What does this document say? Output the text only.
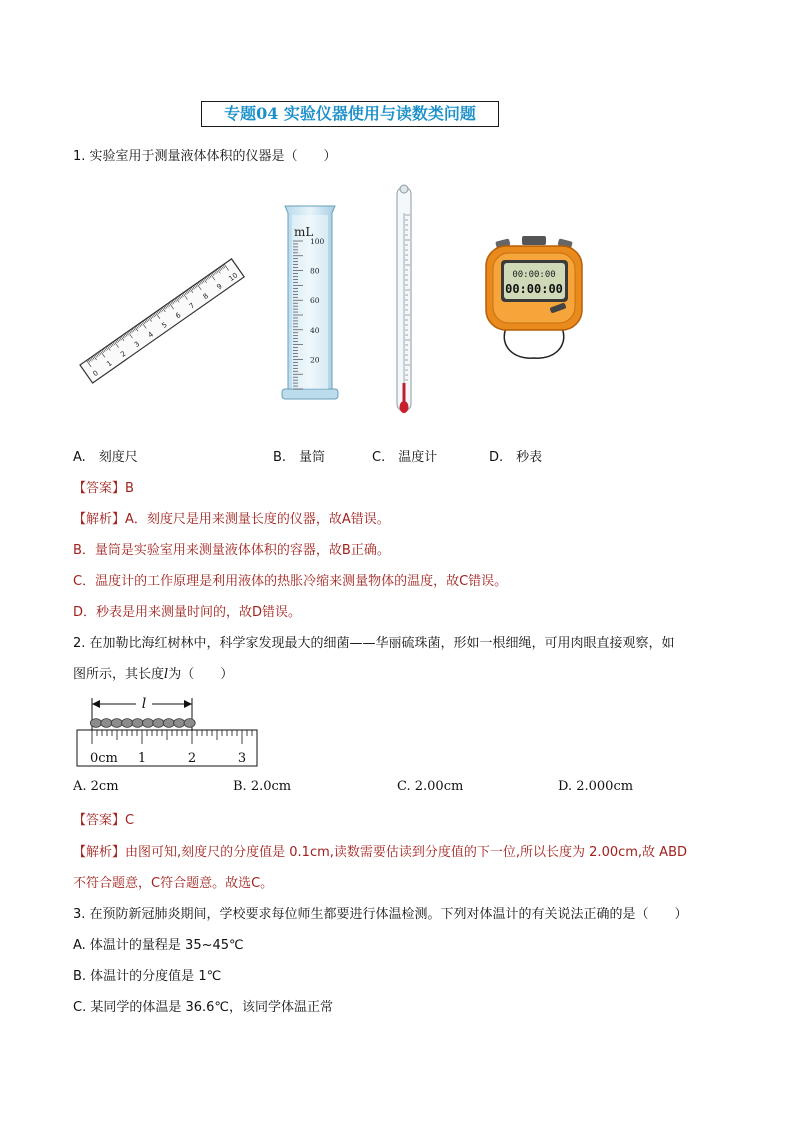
专题04 实验仪器使用与读数类问题
1. 实验室用于测量液体体积的仪器是（　　）
0
1
2
3
4
5
6
7
8
9
10
mL
100
80
60
40
20
00:00:00
00:00:00
A.　刻度尺	B.　量筒	C.　温度计	D.　秒表
【答案】B
【解析】A．刻度尺是用来测量长度的仪器，故A错误。
B．量筒是实验室用来测量液体体积的容器，故B正确。
C．温度计的工作原理是利用液体的热胀冷缩来测量物体的温度，故C错误。
D．秒表是用来测量时间的，故D错误。
2. 在加勒比海红树林中，科学家发现最大的细菌——华丽硫珠菌，形如一根细绳，可用肉眼直接观察，如
图所示，其长度l为（　　）
l
0cm 1	2	3
A. 2cm	B. 2.0cm	C. 2.00cm	D. 2.000cm
【答案】C
【解析】由图可知,刻度尺的分度值是 0.1cm,读数需要估读到分度值的下一位,所以长度为 2.00cm,故 ABD
不符合题意，C符合题意。故选C。
3. 在预防新冠肺炎期间，学校要求每位师生都要进行体温检测。下列对体温计的有关说法正确的是（　　）
A. 体温计的量程是 35~45℃
B. 体温计的分度值是 1℃
C. 某同学的体温是 36.6℃，该同学体温正常
